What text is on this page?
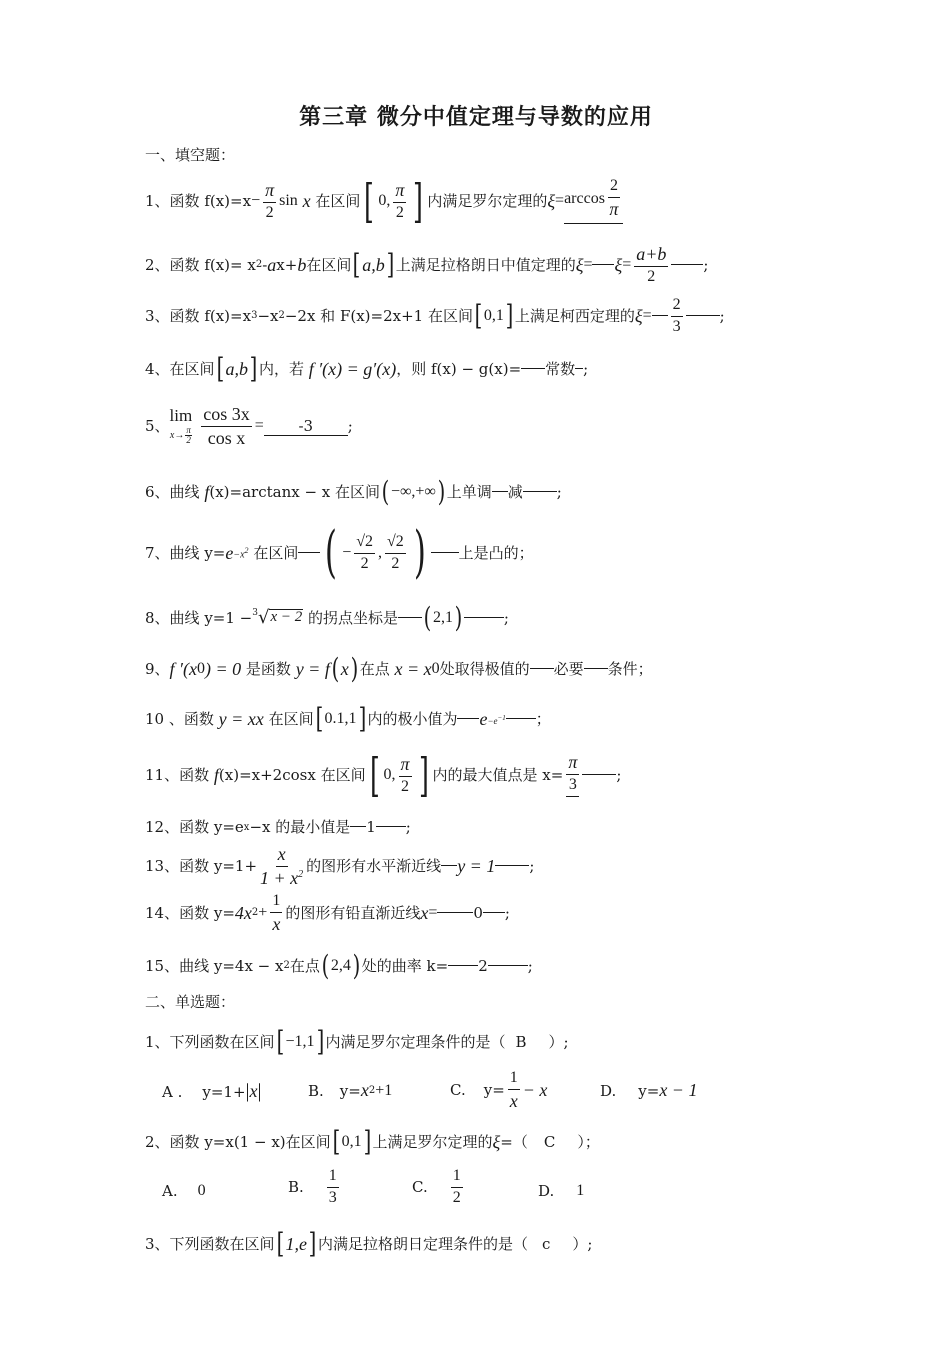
第三章 微分中值定理与导数的应用
一、填空题：
1、 函数 $f(x)=x - \frac{\pi}{2}$ sin
x
在区间 [ 0, $\frac{\pi}{2}$ ] 内满足罗尔定理的 $\xi = \arccos \frac{2}{\pi}$
2、 函数 f(x)= x 2 - a x+ b 在区间 [ a,b ] 上满足拉格朗日中值定理的 $\xi = \xi = \frac{a+b}{2}$ ;
3、 函数 f(x)=x 3 −x 2 −2x 和 F(x)=2x+1 在区间 [ 0,1 ] 上满足柯西定理的 $\xi = \frac{2}{3}$ ;
4、 在区间 [ a,b ] 内，若
f ′(x) = g′(x) ，则 f(x) − g(x)= 常数 ;
5、
lim
$x\to \frac{\pi}{2} \frac{\cos 3x}{\text{cos x}}$ =	-3	;
6、 曲线
f (x)=arctanx − x 在区间 ( −∞,+∞ ) 上单调 减 ;
7、 曲线 $y= e -x^2$
在区间 ( − $\frac{√2}{2}$ , $\frac{√2}{2}$ ) 上是凸的；
8、 曲线 y=1 − 3 √ x − 2
的拐点坐标是 ( 2,1 )	;
9、 f ′(x 0 ) = 0
是函数
y = f ( x ) 在点
x = x 0 处取得极值的 必要 条件；
10 、 函数
y = x x
在区间 [ 0.1,1 ] 内的极小值为 $e -e^{-1}$ ；
11、 函数
f (x)=x+2cosx 在区间 [ 0, $\frac{\pi}{2}$ ] 内的最大值点是 $x= \frac{\pi}{3}$ ;
12、 函数 y=e x −x 的最小值是 1 ;
13、 函数 $y=1+ \frac{x}{1 + x^2}$ 的图形有水平渐近线 y = 1 ;
14、 函数 y= 4x $2 + \frac{1}{x}$ 的图形有铅直渐近线 x = 0 ;
15、 曲线 y=4x − x 2 在点 ( 2,4 ) 处的曲率 k= 2	;
二、单选题：
1、 下列函数在区间 [ −1,1 ] 内满足罗尔定理条件的是（ B ）;
A . y=1+ | x |	B. y= x 2 +1	C. $y= \frac{1}{x} - x$	D. y= x − 1
2、 函数 y=x(1 − x)在区间 [ 0,1 ] 上满足罗尔定理的 ξ =（ C ）；
A. 0	B. $\frac{1}{3}$	C. $\frac{1}{2}$	D. 1
3、 下列函数在区间 [ 1,e ] 内满足拉格朗日定理条件的是（ c ）;
